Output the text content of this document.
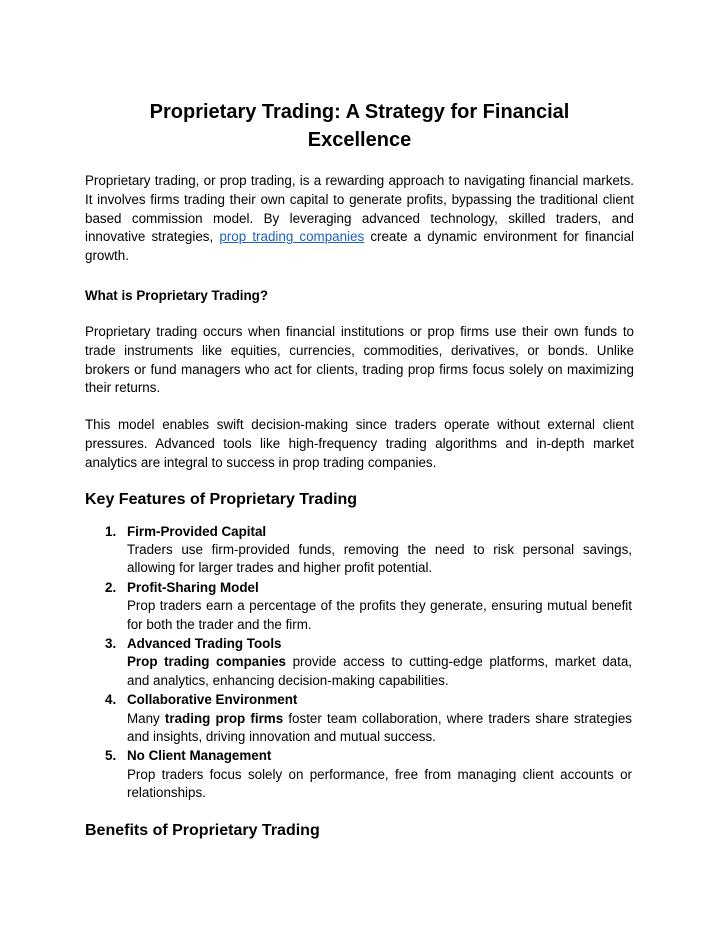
Proprietary Trading: A Strategy for Financial Excellence

Proprietary trading, or prop trading, is a rewarding approach to navigating financial markets. It involves firms trading their own capital to generate profits, bypassing the traditional client based commission model. By leveraging advanced technology, skilled traders, and innovative strategies, prop trading companies create a dynamic environment for financial growth.

What is Proprietary Trading?

Proprietary trading occurs when financial institutions or prop firms use their own funds to trade instruments like equities, currencies, commodities, derivatives, or bonds. Unlike brokers or fund managers who act for clients, trading prop firms focus solely on maximizing their returns.

This model enables swift decision-making since traders operate without external client pressures. Advanced tools like high-frequency trading algorithms and in-depth market analytics are integral to success in prop trading companies.

Key Features of Proprietary Trading
1. Firm-Provided Capital
Traders use firm-provided funds, removing the need to risk personal savings, allowing for larger trades and higher profit potential.
2. Profit-Sharing Model
Prop traders earn a percentage of the profits they generate, ensuring mutual benefit for both the trader and the firm.
3. Advanced Trading Tools
Prop trading companies provide access to cutting-edge platforms, market data, and analytics, enhancing decision-making capabilities.
4. Collaborative Environment
Many trading prop firms foster team collaboration, where traders share strategies and insights, driving innovation and mutual success.
5. No Client Management
Prop traders focus solely on performance, free from managing client accounts or relationships.
Benefits of Proprietary Trading
